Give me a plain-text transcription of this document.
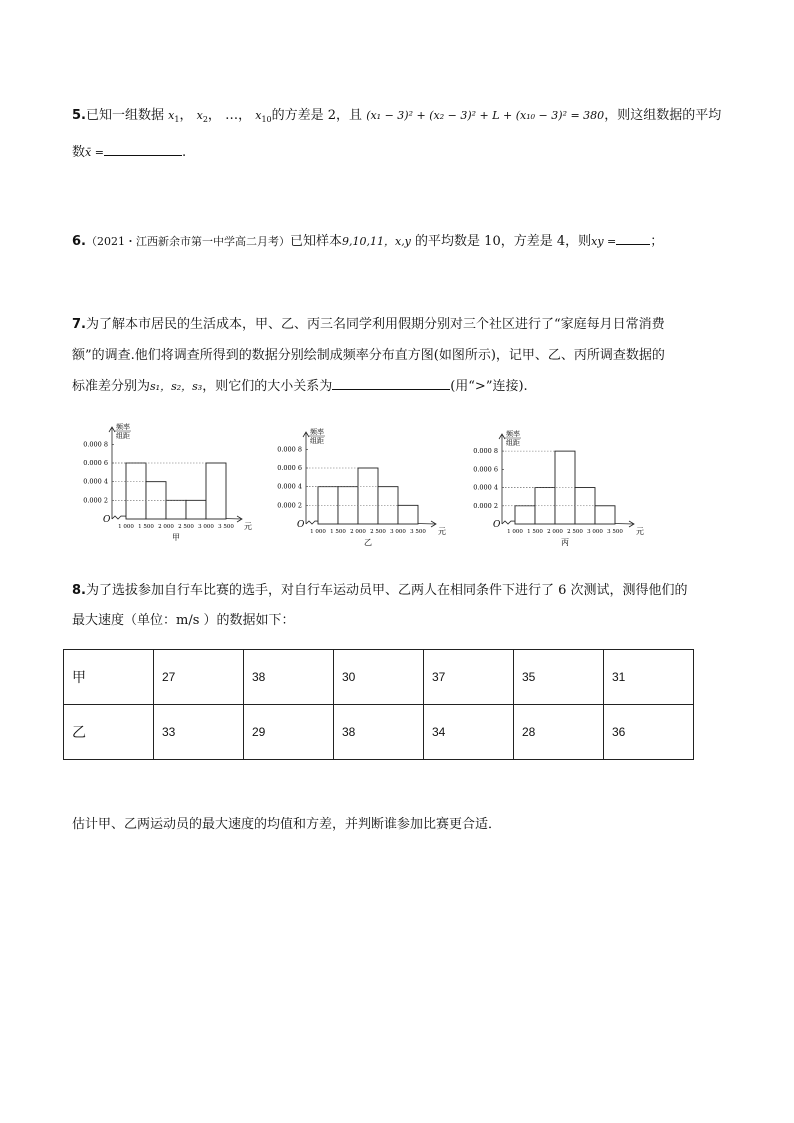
5.已知一组数据 $x_1$， $x_2$， …， $x_{10}$的方差是 2，且 (x₁ − 3)² + (x₂ − 3)² + L + (x₁₀ − 3)² = 380，则这组数据的平均
数x̄ =	.
6.（2021・江西新余市第一中学高二月考）已知样本9,10,11，x,y 的平均数是 10，方差是 4，则xy =	；
7.为了解本市居民的生活成本，甲、乙、丙三名同学利用假期分别对三个社区进行了“家庭每月日常消费
额”的调查.他们将调查所得到的数据分别绘制成频率分布直方图(如图所示)，记甲、乙、丙所调查数据的
标准差分别为s₁，s₂，s₃，则它们的大小关系为	(用“>”连接).
频率
组距
元
O
0.000 2
0.000 4
0.000 6
0.000 8
1 000 1 500 2 000 2 500 3 000 3 500
甲
频率
组距
元
O
0.000 2
0.000 4
0.000 6
0.000 8
1 000 1 500 2 000 2 500 3 000 3 500
乙
频率
组距
元
O
0.000 2
0.000 4
0.000 6
0.000 8
1 000 1 500 2 000 2 500 3 000 3 500
丙
8.为了选拔参加自行车比赛的选手，对自行车运动员甲、乙两人在相同条件下进行了 6 次测试，测得他们的
最大速度（单位：m/s ）的数据如下：
甲	27	38	30	37	35	31
乙	33	29	38	34	28	36
估计甲、乙两运动员的最大速度的均值和方差，并判断谁参加比赛更合适．
